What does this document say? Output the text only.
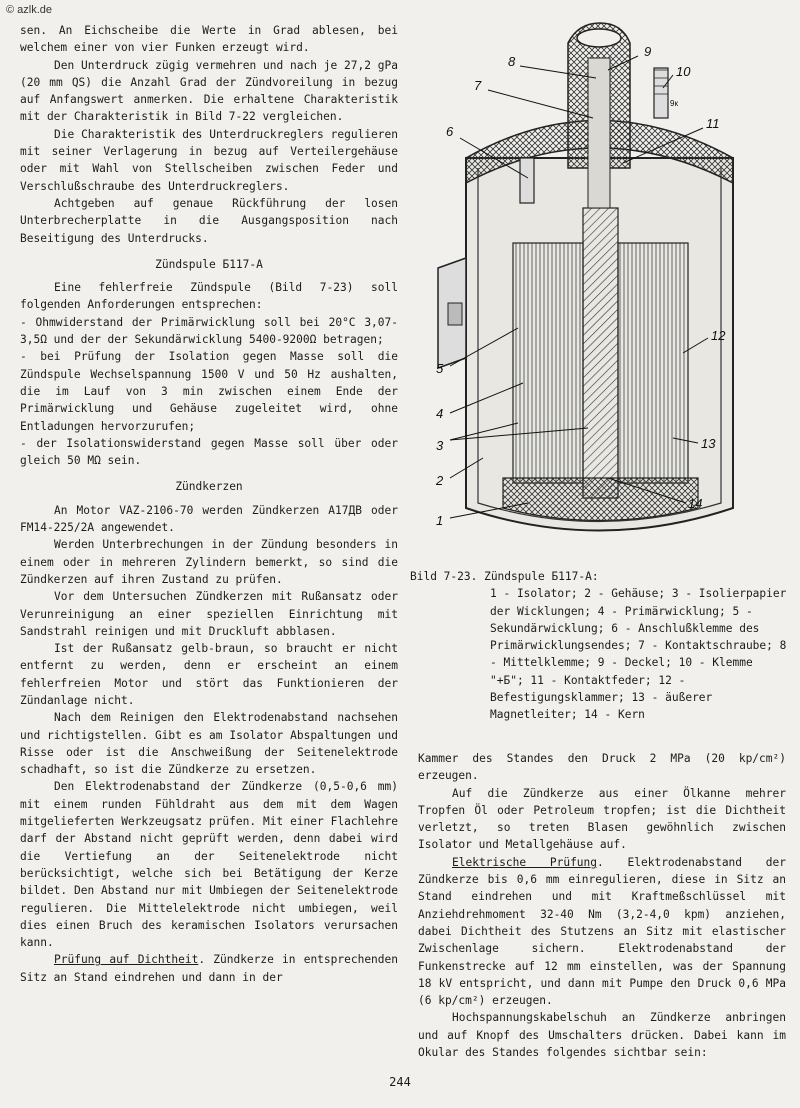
© azlk.de

sen. An Eichscheibe die Werte in Grad ablesen, bei welchem einer von vier Funken erzeugt wird.

Den Unterdruck zügig vermehren und nach je 27,2 gPa (20 mm QS) die Anzahl Grad der Zündvoreilung in bezug auf Anfangswert anmerken. Die erhaltene Charakteristik mit der Charakteristik in Bild 7-22 vergleichen.

Die Charakteristik des Unterdruckreglers regulieren mit seiner Verlagerung in bezug auf Verteilergehäuse oder mit Wahl von Stellscheiben zwischen Feder und Verschlußschraube des Unterdruckreglers.

Achtgeben auf genaue Rückführung der losen Unterbrecherplatte in die Ausgangsposition nach Beseitigung des Unterdrucks.

Zündspule Б117-А

Eine fehlerfreie Zündspule (Bild 7-23) soll folgenden Anforderungen entsprechen:

- Ohmwiderstand der Primärwicklung soll bei 20°C 3,07-3,5Ω und der der Sekundärwicklung 5400-9200Ω betragen;

- bei Prüfung der Isolation gegen Masse soll die Zündspule Wechselspannung 1500 V und 50 Hz aushalten, die im Lauf von 3 min zwischen einem Ende der Primärwicklung und Gehäuse zugeleitet wird, ohne Entladungen hervorzurufen;

- der Isolationswiderstand gegen Masse soll über oder gleich 50 MΩ sein.

Zündkerzen

An Motor VAZ-2106-70 werden Zündkerzen А17ДВ oder FM14-225/2A angewendet.

Werden Unterbrechungen in der Zündung besonders in einem oder in mehreren Zylindern bemerkt, so sind die Zündkerzen auf ihren Zustand zu prüfen.

Vor dem Untersuchen Zündkerzen mit Rußansatz oder Verunreinigung an einer speziellen Einrichtung mit Sandstrahl reinigen und mit Druckluft abblasen.

Ist der Rußansatz gelb-braun, so braucht er nicht entfernt zu werden, denn er erscheint an einem fehlerfreien Motor und stört das Funktionieren der Zündanlage nicht.

Nach dem Reinigen den Elektrodenabstand nachsehen und richtigstellen. Gibt es am Isolator Abspaltungen und Risse oder ist die Anschweißung der Seitenelektrode schadhaft, so ist die Zündkerze zu ersetzen.

Den Elektrodenabstand der Zündkerze (0,5-0,6 mm) mit einem runden Fühldraht aus dem mit dem Wagen mitgelieferten Werkzeugsatz prüfen. Mit einer Flachlehre darf der Abstand nicht geprüft werden, denn dabei wird die Vertiefung an der Seitenelektrode nicht berücksichtigt, welche sich bei Betätigung der Kerze bildet. Den Abstand nur mit Umbiegen der Seitenelektrode regulieren. Die Mittelelektrode nicht umbiegen, weil dies einen Bruch des keramischen Isolators verursachen kann.

Prüfung auf Dichtheit. Zündkerze in entsprechenden Sitz an Stand eindrehen und dann in der

5
4
3
2
1
6
7
8
9
10
11
12
13
14
9к

Bild 7-23. Zündspule Б117-А:

1 - Isolator; 2 - Gehäuse; 3 - Isolierpapier der Wicklungen; 4 - Primärwicklung; 5 - Sekundärwicklung; 6 - Anschlußklemme des Primärwicklungsendes; 7 - Kontaktschraube; 8 - Mittelklemme; 9 - Deckel; 10 - Klemme "+Б"; 11 - Kontaktfeder; 12 - Befestigungsklammer; 13 - äußerer Magnetleiter; 14 - Kern

Kammer des Standes den Druck 2 MPa (20 kp/cm²) erzeugen.

Auf die Zündkerze aus einer Ölkanne mehrer Tropfen Öl oder Petroleum tropfen; ist die Dichtheit verletzt, so treten Blasen gewöhnlich zwischen Isolator und Metallgehäuse auf.

Elektrische Prüfung. Elektrodenabstand der Zündkerze bis 0,6 mm einregulieren, diese in Sitz an Stand eindrehen und mit Kraftmeßschlüssel mit Anziehdrehmoment 32-40 Nm (3,2-4,0 kpm) anziehen, dabei Dichtheit des Stutzens an Sitz mit elastischer Zwischenlage sichern. Elektrodenabstand der Funkenstrecke auf 12 mm einstellen, was der Spannung 18 kV entspricht, und dann mit Pumpe den Druck 0,6 MPa (6 kp/cm²) erzeugen.

Hochspannungskabelschuh an Zündkerze anbringen und auf Knopf des Umschalters drücken. Dabei kann im Okular des Standes folgendes sichtbar sein:

244
